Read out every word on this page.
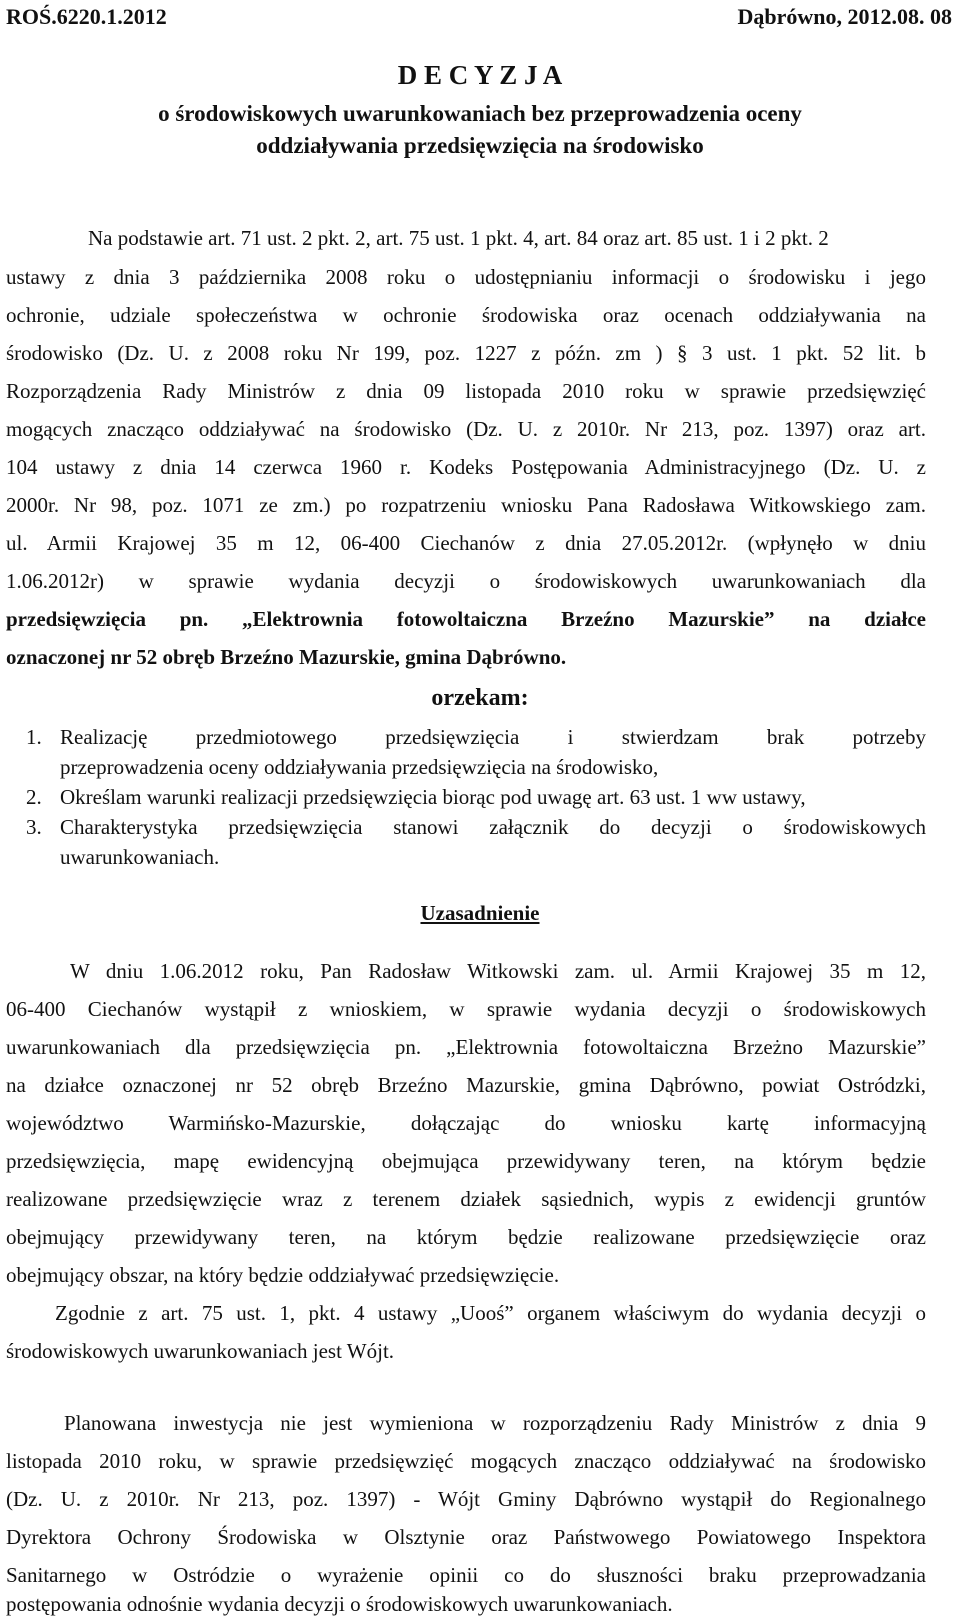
ROŚ.6220.1.2012	Dąbrówno, 2012.08. 08
D E C Y Z J A
o środowiskowych uwarunkowaniach bez przeprowadzenia oceny
oddziaływania przedsięwzięcia na środowisko
Na podstawie art. 71 ust. 2 pkt. 2, art. 75 ust. 1 pkt. 4, art. 84 oraz art. 85 ust. 1 i 2 pkt. 2
ustawy z dnia 3 października 2008 roku o udostępnianiu informacji o środowisku i jego
ochronie, udziale społeczeństwa w ochronie środowiska oraz ocenach oddziaływania na
środowisko (Dz. U. z 2008 roku Nr 199, poz. 1227 z późn. zm ) § 3 ust. 1 pkt. 52 lit. b
Rozporządzenia Rady Ministrów z dnia 09 listopada 2010 roku w sprawie przedsięwzięć
mogących znacząco oddziaływać na środowisko (Dz. U. z 2010r. Nr 213, poz. 1397) oraz art.
104 ustawy z dnia 14 czerwca 1960 r. Kodeks Postępowania Administracyjnego (Dz. U. z
2000r. Nr 98, poz. 1071 ze zm.) po rozpatrzeniu wniosku Pana Radosława Witkowskiego zam.
ul. Armii Krajowej 35 m 12, 06-400 Ciechanów z dnia 27.05.2012r. (wpłynęło w dniu
1.06.2012r) w sprawie wydania decyzji o środowiskowych uwarunkowaniach dla
przedsięwzięcia pn. „Elektrownia fotowoltaiczna Brzeźno Mazurskie” na działce
oznaczonej nr 52 obręb Brzeźno Mazurskie, gmina Dąbrówno.
orzekam:
1. Realizację przedmiotowego przedsięwzięcia i stwierdzam brak potrzeby
przeprowadzenia oceny oddziaływania przedsięwzięcia na środowisko,
2. Określam warunki realizacji przedsięwzięcia biorąc pod uwagę art. 63 ust. 1 ww ustawy,
3. Charakterystyka przedsięwzięcia stanowi załącznik do decyzji o środowiskowych
uwarunkowaniach.
Uzasadnienie
W dniu 1.06.2012 roku, Pan Radosław Witkowski zam. ul. Armii Krajowej 35 m 12,
06-400 Ciechanów wystąpił z wnioskiem, w sprawie wydania decyzji o środowiskowych
uwarunkowaniach dla przedsięwzięcia pn. „Elektrownia fotowoltaiczna Brzeżno Mazurskie”
na działce oznaczonej nr 52 obręb Brzeźno Mazurskie, gmina Dąbrówno, powiat Ostródzki,
województwo Warmińsko-Mazurskie, dołączając do wniosku kartę informacyjną
przedsięwzięcia, mapę ewidencyjną obejmująca przewidywany teren, na którym będzie
realizowane przedsięwzięcie wraz z terenem działek sąsiednich, wypis z ewidencji gruntów
obejmujący przewidywany teren, na którym będzie realizowane przedsięwzięcie oraz
obejmujący obszar, na który będzie oddziaływać przedsięwzięcie.
Zgodnie z art. 75 ust. 1, pkt. 4 ustawy „Uooś” organem właściwym do wydania decyzji o
środowiskowych uwarunkowaniach jest Wójt.
Planowana inwestycja nie jest wymieniona w rozporządzeniu Rady Ministrów z dnia 9
listopada 2010 roku, w sprawie przedsięwzięć mogących znacząco oddziaływać na środowisko
(Dz. U. z 2010r. Nr 213, poz. 1397) - Wójt Gminy Dąbrówno wystąpił do Regionalnego
Dyrektora Ochrony Środowiska w Olsztynie oraz Państwowego Powiatowego Inspektora
Sanitarnego w Ostródzie o wyrażenie opinii co do słuszności braku przeprowadzania
postępowania odnośnie wydania decyzji o środowiskowych uwarunkowaniach.
